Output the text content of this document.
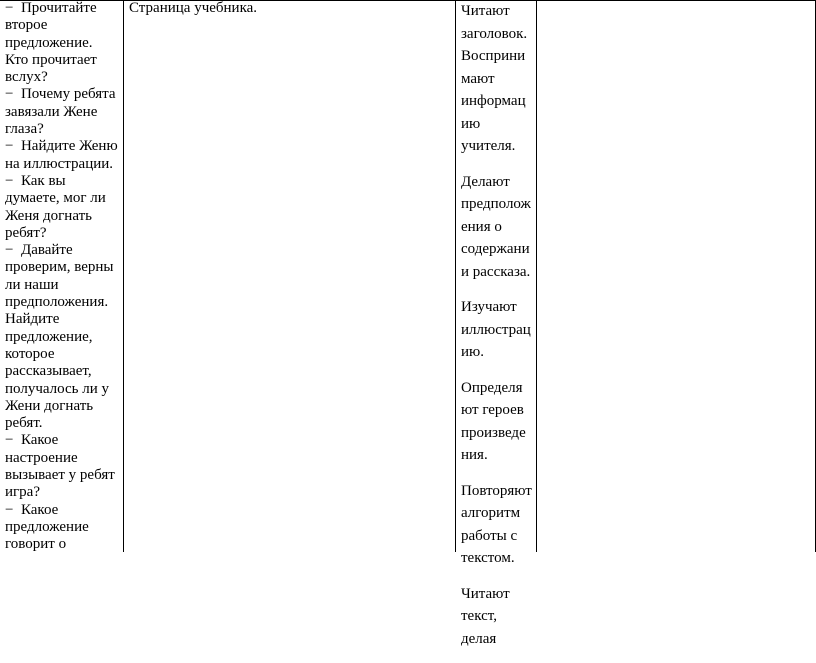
−  Прочитайте
второе
предложение.
Кто прочитает
вслух?
−  Почему ребята
завязали Жене
глаза?
−  Найдите Женю
на иллюстрации.
−  Как вы
думаете, мог ли
Женя догнать
ребят?
−  Давайте
проверим, верны
ли наши
предположения.
Найдите
предложение,
которое
рассказывает,
получалось ли у
Жени догнать
ребят.
−  Какое
настроение
вызывает у ребят
игра?
−  Какое
предложение
говорит о
Страница учебника.	Читают
заголовок.
Восприни
мают
информац
ию
учителя.
Делают
предполож
ения о
содержани
и рассказа.
Изучают
иллюстрац
ию.
Определя
ют героев
произведе
ния.
Повторяют
алгоритм
работы с
текстом.
Читают
текст,
делая
